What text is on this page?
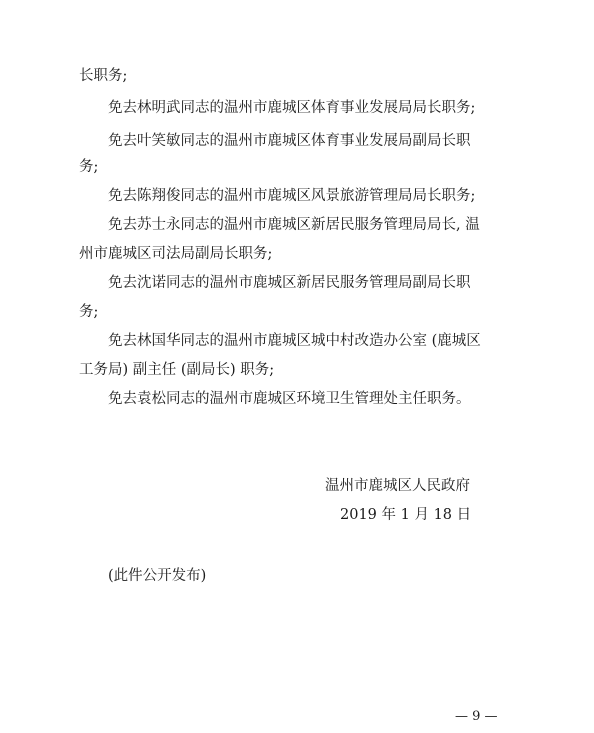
长职务;
免去林明武同志的温州市鹿城区体育事业发展局局长职务;
免去叶笑敏同志的温州市鹿城区体育事业发展局副局长职
务;
免去陈翔俊同志的温州市鹿城区风景旅游管理局局长职务;
免去苏士永同志的温州市鹿城区新居民服务管理局局长, 温
州市鹿城区司法局副局长职务;
免去沈诺同志的温州市鹿城区新居民服务管理局副局长职
务;
免去林国华同志的温州市鹿城区城中村改造办公室 (鹿城区
工务局) 副主任 (副局长) 职务;
免去袁松同志的温州市鹿城区环境卫生管理处主任职务。
温州市鹿城区人民政府
2019 年 1 月 18 日
(此件公开发布)
— 9 —
